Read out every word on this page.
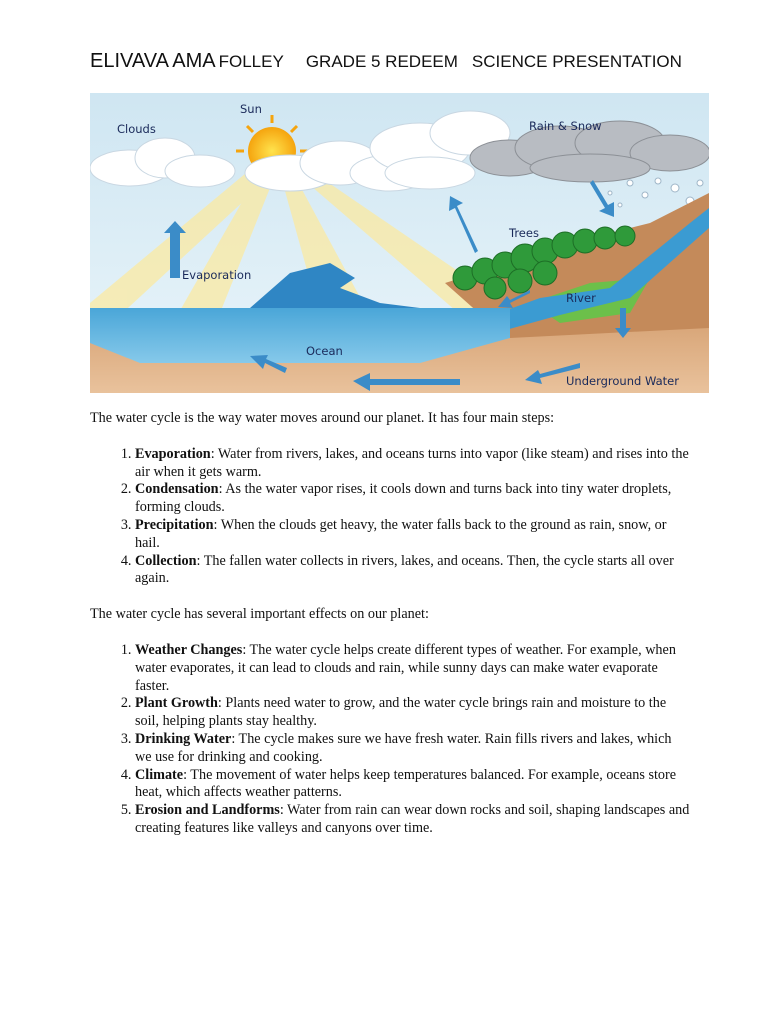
ELIVAVA AMA FOLLEY GRADE 5 REDEEM SCIENCE PRESENTATION
Clouds
Sun
Rain & Snow
Trees
Evaporation
River
Ocean
Underground Water

The water cycle is the way water moves around our planet. It has four main steps:

1. Evaporation: Water from rivers, lakes, and oceans turns into vapor (like steam) and rises into the air when it gets warm.
2. Condensation: As the water vapor rises, it cools down and turns back into tiny water droplets, forming clouds.
3. Precipitation: When the clouds get heavy, the water falls back to the ground as rain, snow, or hail.
4. Collection: The fallen water collects in rivers, lakes, and oceans. Then, the cycle starts all over again.

The water cycle has several important effects on our planet:

1. Weather Changes: The water cycle helps create different types of weather. For example, when water evaporates, it can lead to clouds and rain, while sunny days can make water evaporate faster.
2. Plant Growth: Plants need water to grow, and the water cycle brings rain and moisture to the soil, helping plants stay healthy.
3. Drinking Water: The cycle makes sure we have fresh water. Rain fills rivers and lakes, which we use for drinking and cooking.
4. Climate: The movement of water helps keep temperatures balanced. For example, oceans store heat, which affects weather patterns.
5. Erosion and Landforms: Water from rain can wear down rocks and soil, shaping landscapes and creating features like valleys and canyons over time.
